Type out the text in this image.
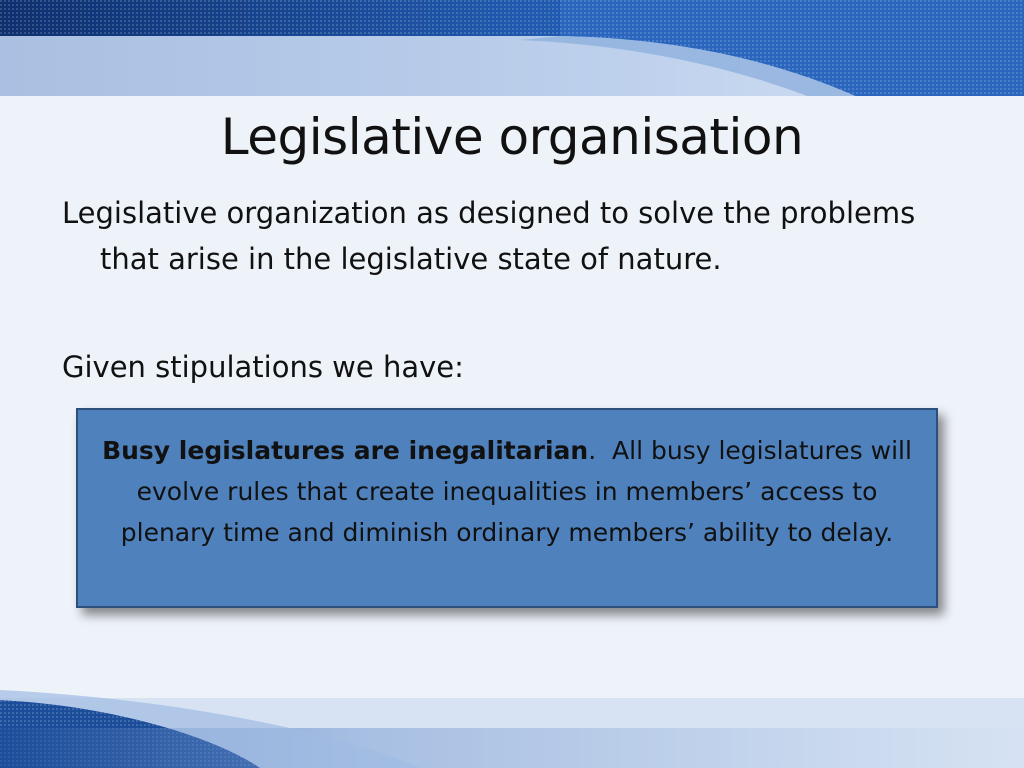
Legislative organisation

Legislative organization as designed to solve the problems that arise in the legislative state of nature.

Given stipulations we have:

Busy legislatures are inegalitarian.  All busy legislatures will evolve rules that create inequalities in members’ access to plenary time and diminish ordinary members’ ability to delay.
